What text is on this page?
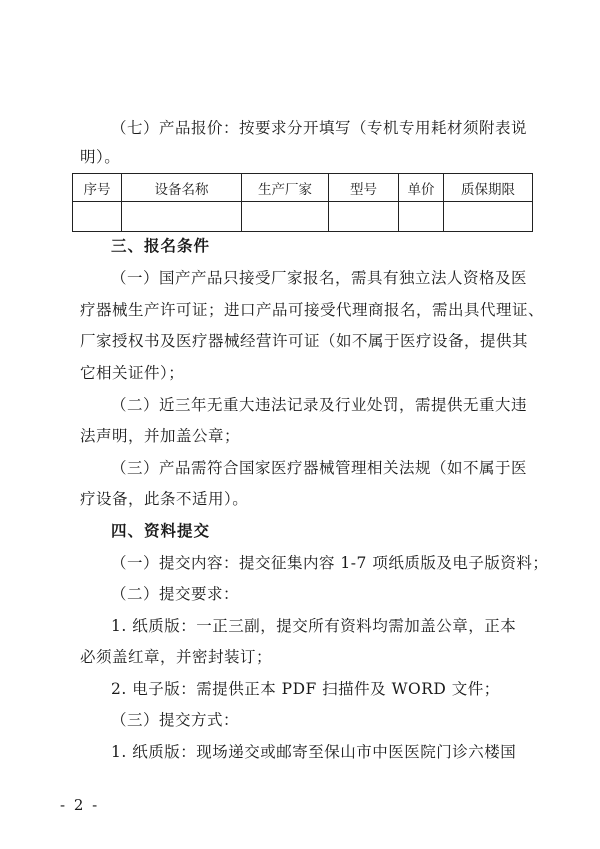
（七）产品报价：按要求分开填写（专机专用耗材须附表说
明）。
序号	设备名称	生产厂家	型号	单价	质保期限

三、报名条件
（一）国产产品只接受厂家报名，需具有独立法人资格及医
疗器械生产许可证；进口产品可接受代理商报名，需出具代理证、
厂家授权书及医疗器械经营许可证（如不属于医疗设备，提供其
它相关证件）；
（二）近三年无重大违法记录及行业处罚，需提供无重大违
法声明，并加盖公章；
（三）产品需符合国家医疗器械管理相关法规（如不属于医
疗设备，此条不适用）。
四、资料提交
（一）提交内容：提交征集内容 1-7 项纸质版及电子版资料；
（二）提交要求：
1. 纸质版：一正三副，提交所有资料均需加盖公章，正本
必须盖红章，并密封装订；
2. 电子版：需提供正本 PDF 扫描件及 WORD 文件；
（三）提交方式：
1. 纸质版：现场递交或邮寄至保山市中医医院门诊六楼国
- 2 -
